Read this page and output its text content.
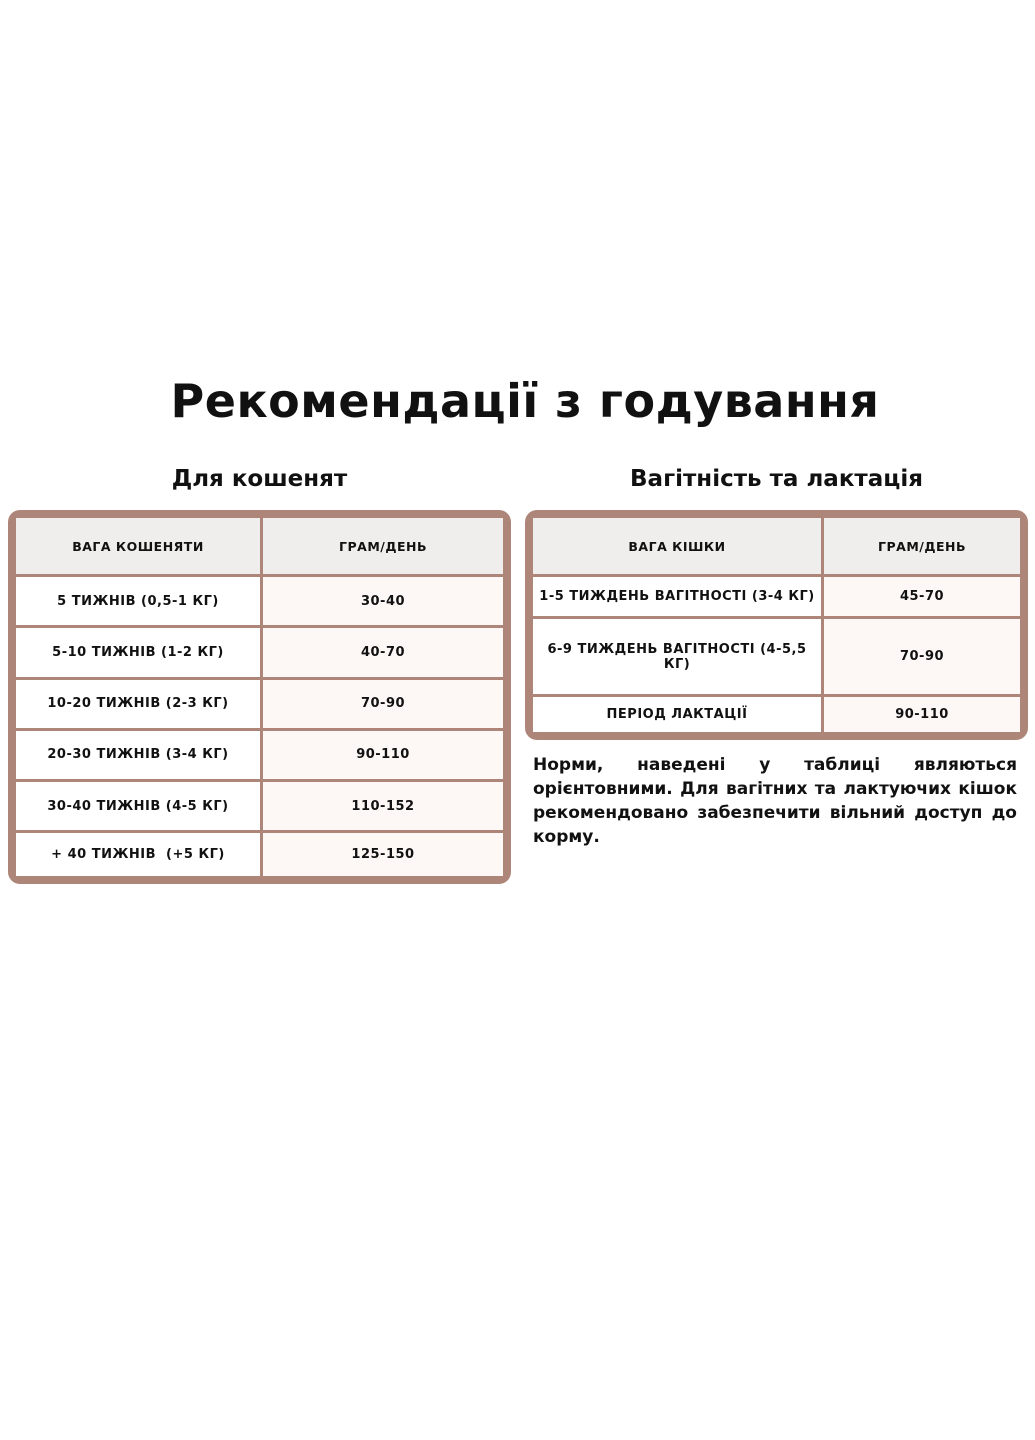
Рекомендації з годування
Для кошенят	Вагітність та лактація
ВАГА КОШЕНЯТИ	ГРАМ/ДЕНЬ
5 ТИЖНІВ (0,5-1 КГ)	30-40
5-10 ТИЖНІВ (1-2 КГ)	40-70
10-20 ТИЖНІВ (2-3 КГ)	70-90
20-30 ТИЖНІВ (3-4 КГ)	90-110
30-40 ТИЖНІВ (4-5 КГ)	110-152
+ 40 ТИЖНІВ  (+5 КГ)	125-150
ВАГА КІШКИ	ГРАМ/ДЕНЬ
1-5 ТИЖДЕНЬ ВАГІТНОСТІ (3-4 КГ)	45-70
6-9 ТИЖДЕНЬ ВАГІТНОСТІ (4-5,5 КГ)	70-90
ПЕРІОД ЛАКТАЦІЇ	90-110

Норми, наведені у таблиці являються орієнтовними. Для вагітних та лактуючих кішок рекомендовано забезпечити вільний доступ до корму.
